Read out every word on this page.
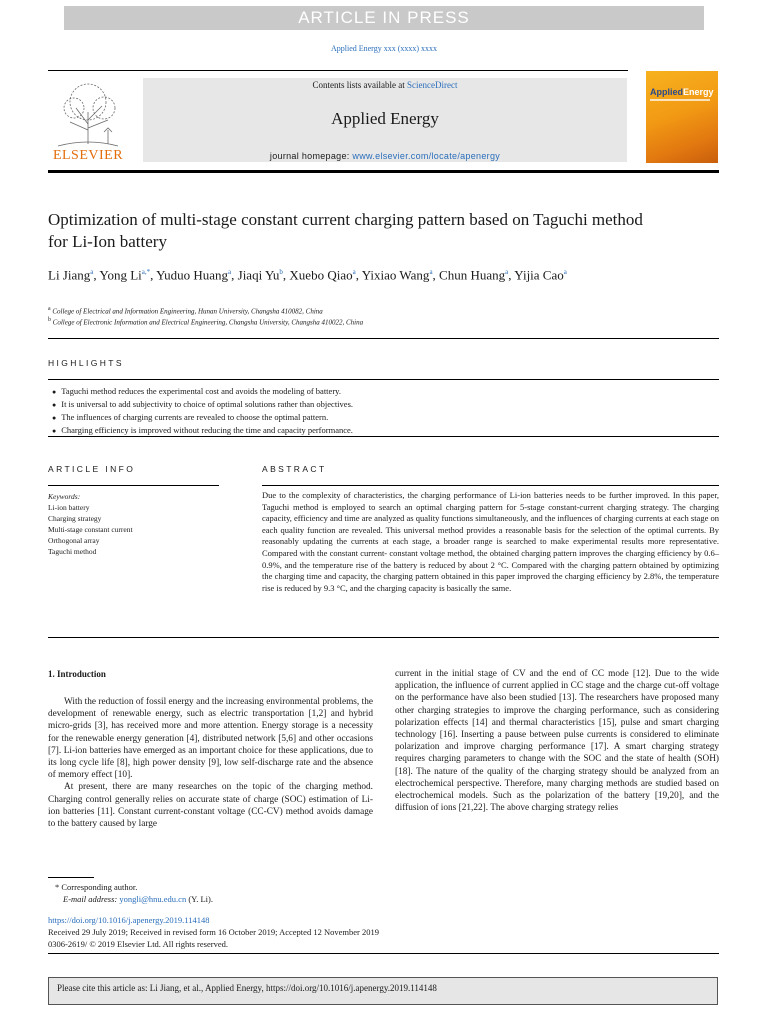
ARTICLE IN PRESS
Applied Energy xxx (xxxx) xxxx
ELSEVIER
Contents lists available at ScienceDirect
Applied Energy
journal homepage: www.elsevier.com/locate/apenergy
AppliedEnergy
Optimization of multi-stage constant current charging pattern based on Taguchi method for Li-Ion battery
Li Jiang$^a$, Yong $Li^{a,*}$, Yuduo Huang$^a$, Jiaqi Yu$^b$, Xuebo Qiao$^a$, Yixiao Wang$^a$, Chun Huang$^a$, Yijia Cao$^a$
$^a$ College of Electrical and Information Engineering, Hunan University, Changsha 410082, China
$^b$ College of Electronic Information and Electrical Engineering, Changsha University, Changsha 410022, China
HIGHLIGHTS
● Taguchi method reduces the experimental cost and avoids the modeling of battery.
● It is universal to add subjectivity to choice of optimal solutions rather than objectives.
● The influences of charging currents are revealed to choose the optimal pattern.
● Charging efficiency is improved without reducing the time and capacity performance.
ARTICLE INFO	ABSTRACT
Keywords:
Li-ion battery
Charging strategy
Multi-stage constant current
Orthogonal array
Taguchi method
Due to the complexity of characteristics, the charging performance of Li-ion batteries needs to be further improved. In this paper, Taguchi method is employed to search an optimal charging pattern for 5-stage constant-current charging strategy. The charging capacity, efficiency and time are analyzed as quality functions simultaneously, and the influences of charging currents at each stage on each quality function are revealed. This universal method provides a reasonable basis for the selection of the optimal currents. By reasonably updating the currents at each stage, a broader range is searched to make experimental results more representative. Compared with the constant current- constant voltage method, the obtained charging pattern improves the charging efficiency by 0.6–0.9%, and the temperature rise of the battery is reduced by about 2 °C. Compared with the charging pattern obtained by optimizing the charging time and capacity, the charging pattern obtained in this paper improved the charging efficiency by 2.8%, the temperature rise is reduced by 9.3 °C, and the charging capacity is basically the same.
1. Introduction

With the reduction of fossil energy and the increasing environmental problems, the development of renewable energy, such as electric transportation [1,2] and hybrid micro-grids [3], has received more and more attention. Energy storage is a necessity for the renewable energy generation [4], distributed network [5,6] and other occasions [7]. Li-ion batteries have emerged as an important choice for these applications, due to its long cycle life [8], high power density [9], low self-discharge rate and the absence of memory effect [10].

At present, there are many researches on the topic of the charging method. Charging control generally relies on accurate state of charge (SOC) estimation of Li-ion batteries [11]. Constant current-constant voltage (CC-CV) method avoids damage to the battery caused by large

current in the initial stage of CV and the end of CC mode [12]. Due to the wide application, the influence of current applied in CC stage and the charge cut-off voltage on the performance have also been studied [13]. The researchers have proposed many other charging strategies to improve the charging performance, such as considering polarization effects [14] and thermal characteristics [15], pulse and smart charging technology [16]. Inserting a pause between pulse currents is considered to eliminate polarization and improve charging performance [17]. A smart charging strategy requires charging parameters to change with the SOC and the state of health (SOH) [18]. The nature of the quality of the charging strategy should be analyzed from an electrochemical perspective. Therefore, many charging methods are studied based on electrochemical models. Such as the polarization of the battery [19,20], and the diffusion of ions [21,22]. The above charging strategy relies

* Corresponding author.
E-mail address: yongli@hnu.edu.cn (Y. Li).
https://doi.org/10.1016/j.apenergy.2019.114148
Received 29 July 2019; Received in revised form 16 October 2019; Accepted 12 November 2019
0306-2619/ © 2019 Elsevier Ltd. All rights reserved.
Please cite this article as: Li Jiang, et al., Applied Energy, https://doi.org/10.1016/j.apenergy.2019.114148
